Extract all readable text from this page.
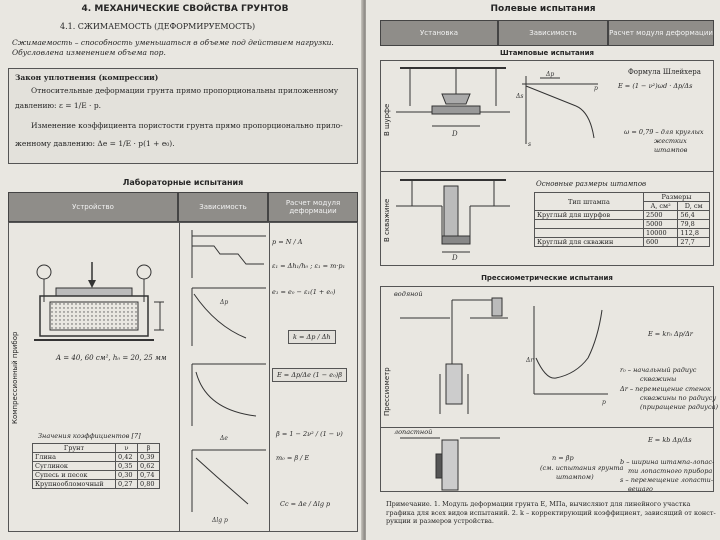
4. МЕХАНИЧЕСКИЕ СВОЙСТВА ГРУНТОВ
4.1. СЖИМАЕМОСТЬ (ДЕФОРМИРУЕМОСТЬ)
Сжимаемость – способность уменьшаться в объеме под действием нагрузки.
Обусловлена изменением объема пор.
Закон уплотнения (компрессии)
Относительные деформации грунта прямо пропорциональны приложенному
давлению: ε = 1/E · p.
Изменение коэффициента пористости грунта прямо пропорционально прило-
женному давлению: Δe = 1/E · p(1 + e₀).
Лабораторные испытания
Устройство	Зависимость	Расчет модуля деформации
Компрессионный прибор	A = 40, 60 см², h₀ = 20, 25 мм
Значения коэффициентов [7]
Грунт	ν	β
Глина	0,42	0,39
Суглинок	0,35	0,62
Супесь и песок	0,30	0,74
Крупнообломочный	0,27	0,80
Δp
Δe
Δlg p
p = N / A
ε₁ = Δh₁/h₀ ; ε₁ = m·p₁
e₁ = e₀ − ε₁(1 + e₀)
k = Δp / Δh
E = Δp/Δe (1 − e₀)β
β = 1 − 2ν² / (1 − ν)
m₀ = β / E
Cc = Δe / Δlg p
Полевые испытания
Установка	Зависимость	Расчет модуля деформации
Штамповые испытания
В шурфе
В скважине
D
Δp
Δs
p
s
Формула Шлейхера
E = (1 − ν²)ωd · Δp/Δs
ω = 0,79 – для круглых
жестких
штампов
D
Основные размеры штампов
Тип штампа	Размеры	
	A, см²	D, см
Круглый для шурфов	2500	56,4
	5000	79,8
	10000	112,8
Круглый для скважин	600	27,7
Прессиометрические испытания
Прессиометр
водяной
Δr
p
E = kr₀ Δp/Δr
r₀ – начальный радиус
скважины
Δr – перемещение стенок
скважины по радиусу
(приращение радиуса)
лопастной
n = βp
(см. испытания грунта
штампом)
E = kb Δp/Δs
b – ширина штампа-лопас-
ти лопастного прибора
s – перемещение лопасти-
вешаго
Примечание. 1. Модуль деформации грунта E, МПа, вычисляют для линейного участка
графика для всех видов испытаний. 2. k – корректирующий коэффициент, зависящий от конст-
рукции и размеров устройства.
